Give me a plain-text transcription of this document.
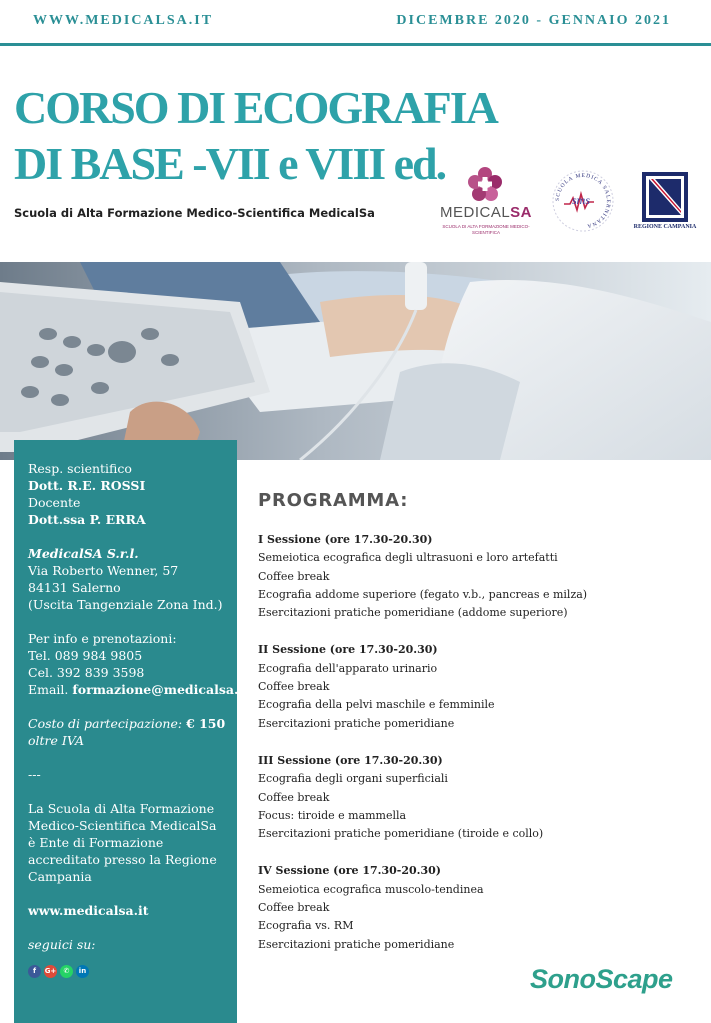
WWW.MEDICALSA.IT	DICEMBRE 2020 - GENNAIO 2021
CORSO DI ECOGRAFIA
DI BASE -VII e VIII ed.
Scuola di Alta Formazione Medico-Scientifica MedicalSa	MEDICALSA
SCUOLA DI ALTA FORMAZIONE MEDICO-SCIENTIFICA
SCUOLA MEDICA SALERNITANA
sms
REGIONE CAMPANIA
Resp. scientifico
Dott. R.E. ROSSI
Docente
Dott.ssa P. ERRA
MedicalSA S.r.l.
Via Roberto Wenner, 57
84131 Salerno
(Uscita Tangenziale Zona Ind.)
Per info e prenotazioni:
Tel. 089 984 9805
Cel. 392 839 3598
Email. formazione@medicalsa.it
Costo di partecipazione: € 150
oltre IVA
---
La Scuola di Alta Formazione Medico-Scientifica MedicalSa è Ente di Formazione accreditato presso la Regione Campania
www.medicalsa.it
seguici su:
f	G+	✆	in
PROGRAMMA:
I Sessione (ore 17.30-20.30)
Semeiotica ecografica degli ultrasuoni e loro artefatti
Coffee break
Ecografia addome superiore (fegato v.b., pancreas e milza)
Esercitazioni pratiche pomeridiane (addome superiore)
II Sessione (ore 17.30-20.30)
Ecografia dell'apparato urinario
Coffee break
Ecografia della pelvi maschile e femminile
Esercitazioni pratiche pomeridiane
III Sessione (ore 17.30-20.30)
Ecografia degli organi superficiali
Coffee break
Focus: tiroide e mammella
Esercitazioni pratiche pomeridiane (tiroide e collo)
IV Sessione (ore 17.30-20.30)
Semeiotica ecografica muscolo-tendinea
Coffee break
Ecografia vs. RM
Esercitazioni pratiche pomeridiane
SonoScape
